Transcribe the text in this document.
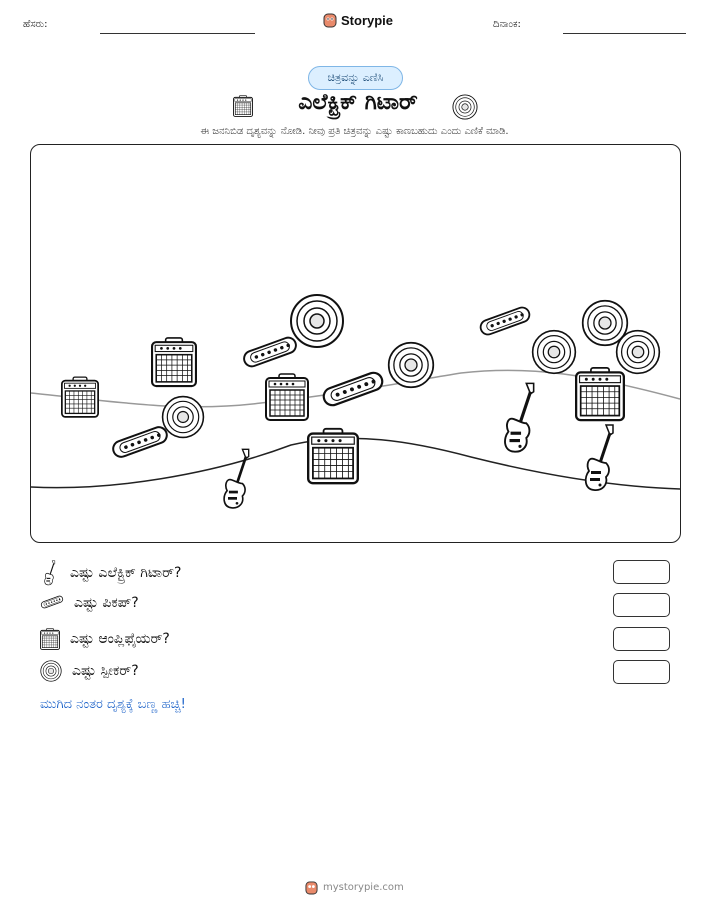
ಹೆಸರು:	Storypie	ದಿನಾಂಕ:
ಚಿತ್ರವನ್ನು ಎಣಿಸಿ
ಎಲೆಕ್ಟ್ರಿಕ್ ಗಿಟಾರ್
ಈ ಜನನಿಬಿಡ ದೃಶ್ಯವನ್ನು ನೋಡಿ. ನೀವು ಪ್ರತಿ ಚಿತ್ರವನ್ನು ಎಷ್ಟು ಕಾಣಬಹುದು ಎಂದು ಎಣಿಕೆ ಮಾಡಿ.
ಎಷ್ಟು ಎಲೆಕ್ಟ್ರಿಕ್ ಗಿಟಾರ್?
ಎಷ್ಟು ಪಿಕಪ್?
ಎಷ್ಟು ಆಂಪ್ಲಿಫೈಯರ್?
ಎಷ್ಟು ಸ್ಪೀಕರ್?
ಮುಗಿದ ನಂತರ ದೃಶ್ಯಕ್ಕೆ ಬಣ್ಣ ಹಚ್ಚಿ!
mystorypie.com
